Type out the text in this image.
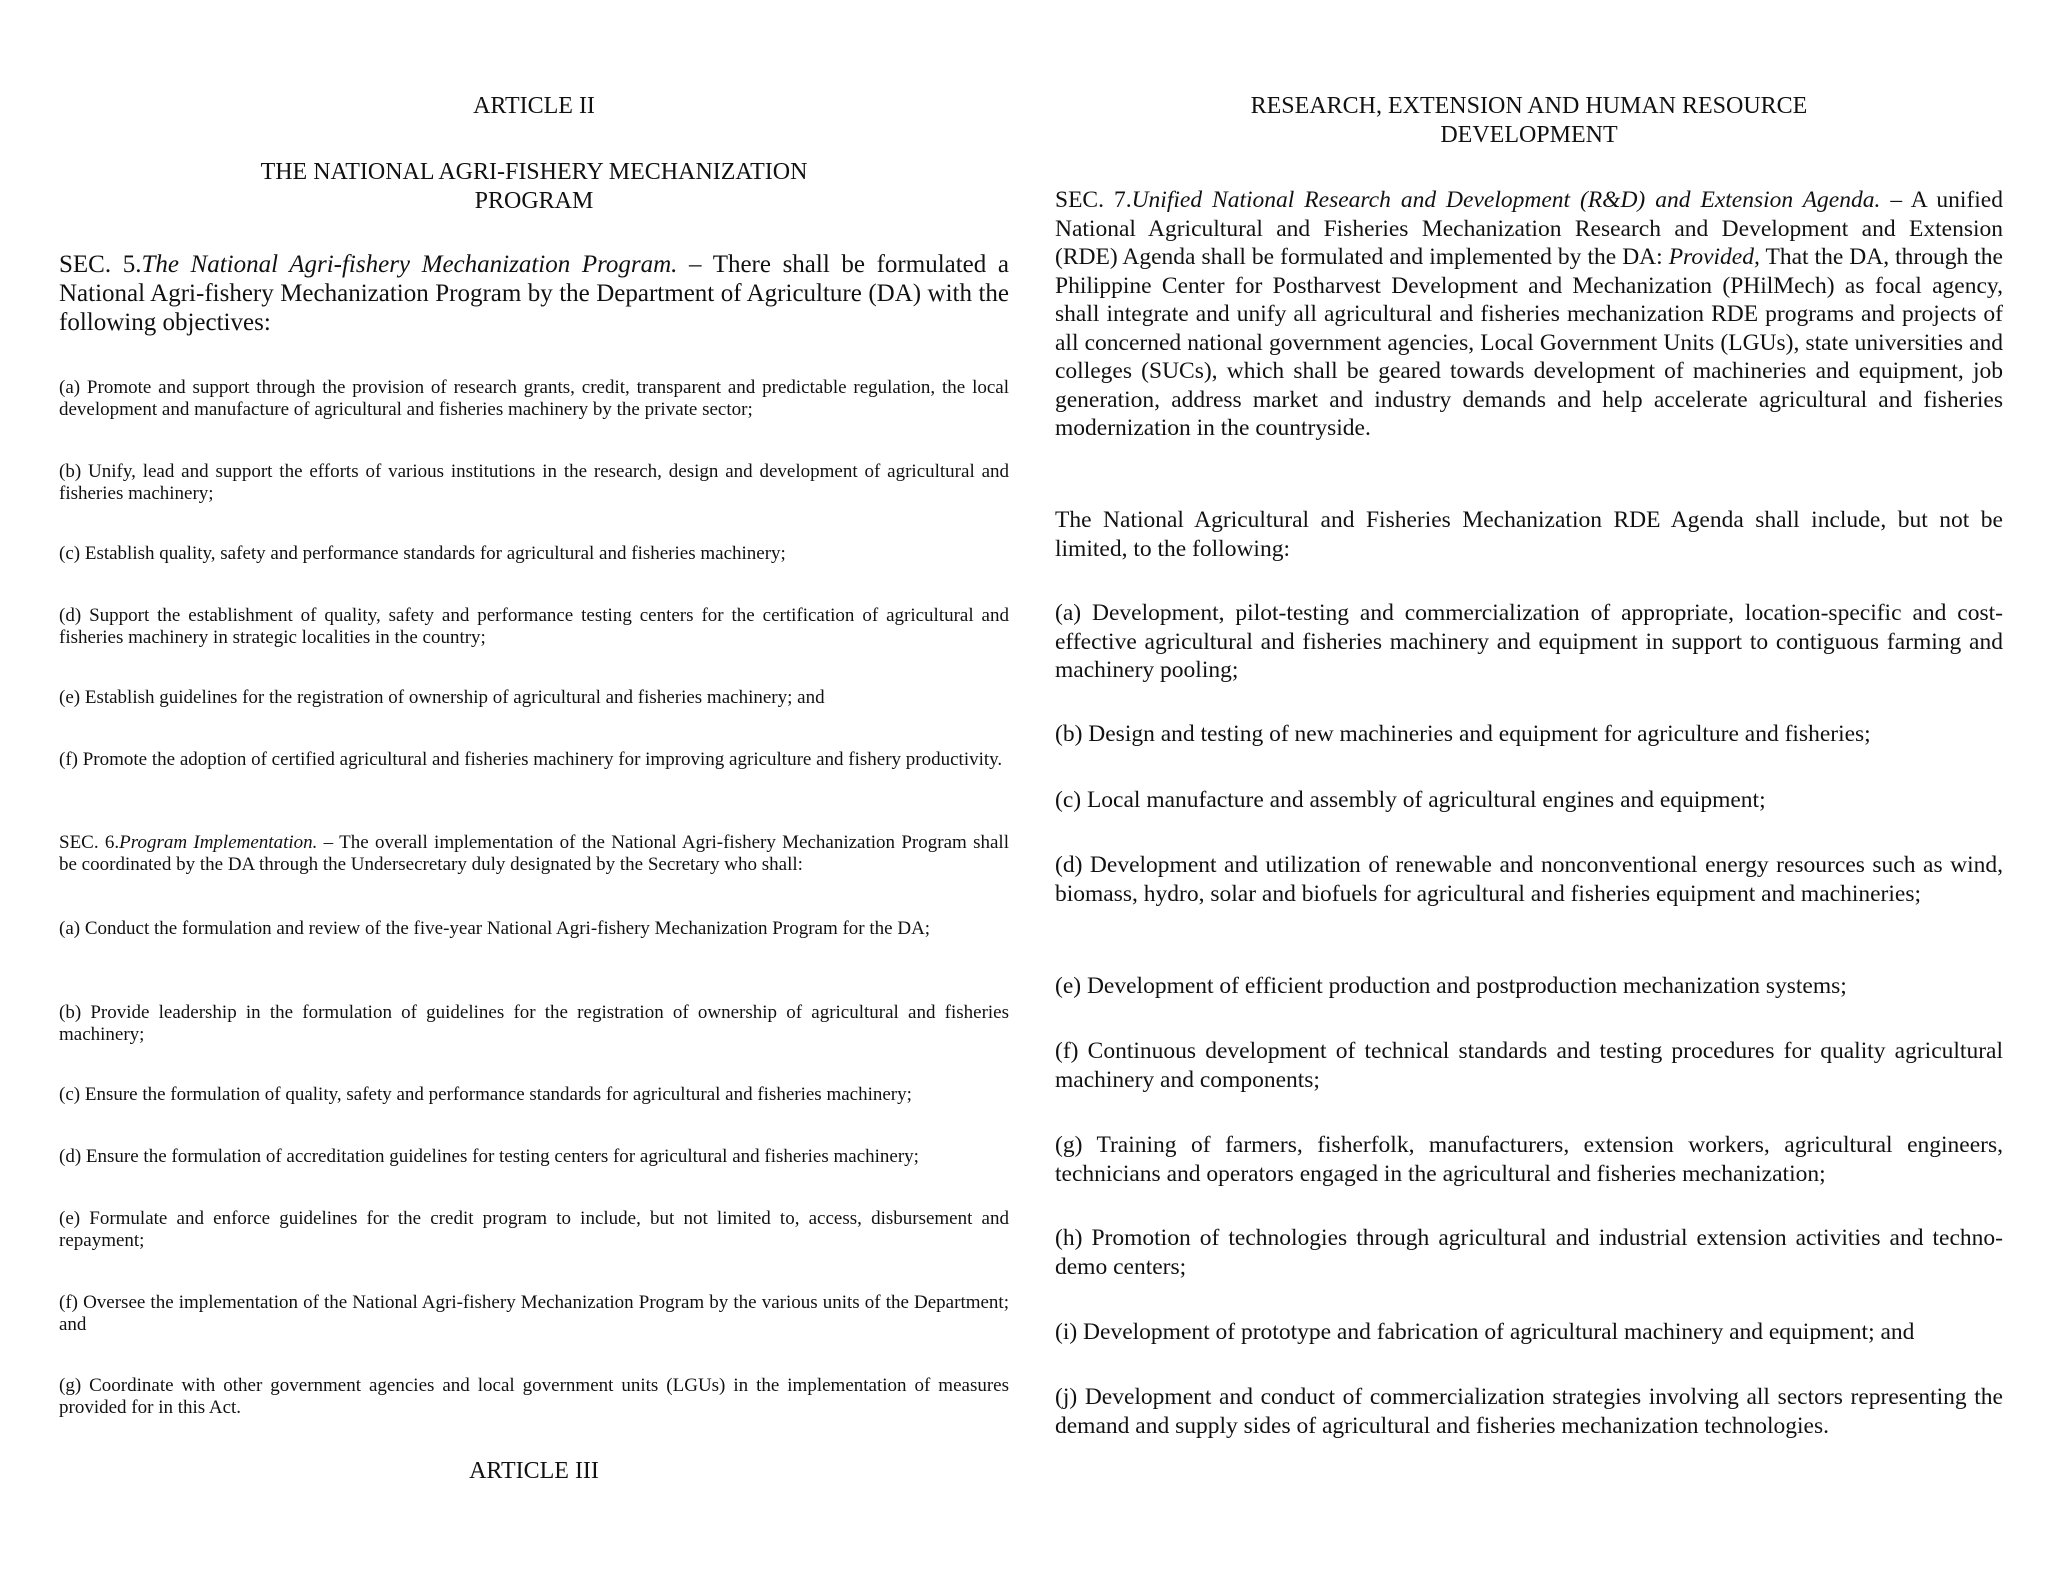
ARTICLE II

THE NATIONAL AGRI-FISHERY MECHANIZATION PROGRAM

SEC. 5.The National Agri-fishery Mechanization Program. – There shall be formulated a National Agri-fishery Mechanization Program by the Department of Agriculture (DA) with the following objectives:

(a) Promote and support through the provision of research grants, credit, transparent and predictable regulation, the local development and manufacture of agricultural and fisheries machinery by the private sector;

(b) Unify, lead and support the efforts of various institutions in the research, design and development of agricultural and fisheries machinery;

(c) Establish quality, safety and performance standards for agricultural and fisheries machinery;

(d) Support the establishment of quality, safety and performance testing centers for the certification of agricultural and fisheries machinery in strategic localities in the country;

(e) Establish guidelines for the registration of ownership of agricultural and fisheries machinery; and

(f) Promote the adoption of certified agricultural and fisheries machinery for improving agriculture and fishery productivity.

SEC. 6.Program Implementation. – The overall implementation of the National Agri-fishery Mechanization Program shall be coordinated by the DA through the Undersecretary duly designated by the Secretary who shall:

(a) Conduct the formulation and review of the five-year National Agri-fishery Mechanization Program for the DA;

(b) Provide leadership in the formulation of guidelines for the registration of ownership of agricultural and fisheries machinery;

(c) Ensure the formulation of quality, safety and performance standards for agricultural and fisheries machinery;

(d) Ensure the formulation of accreditation guidelines for testing centers for agricultural and fisheries machinery;

(e) Formulate and enforce guidelines for the credit program to include, but not limited to, access, disbursement and repayment;

(f) Oversee the implementation of the National Agri-fishery Mechanization Program by the various units of the Department; and

(g) Coordinate with other government agencies and local government units (LGUs) in the implementation of measures provided for in this Act.

ARTICLE III

RESEARCH, EXTENSION AND HUMAN RESOURCE DEVELOPMENT

SEC. 7.Unified National Research and Development (R&D) and Extension Agenda. – A unified National Agricultural and Fisheries Mechanization Research and Development and Extension (RDE) Agenda shall be formulated and implemented by the DA: Provided, That the DA, through the Philippine Center for Postharvest Development and Mechanization (PHilMech) as focal agency, shall integrate and unify all agricultural and fisheries mechanization RDE programs and projects of all concerned national government agencies, Local Government Units (LGUs), state universities and colleges (SUCs), which shall be geared towards development of machineries and equipment, job generation, address market and industry demands and help accelerate agricultural and fisheries modernization in the countryside.

The National Agricultural and Fisheries Mechanization RDE Agenda shall include, but not be limited, to the following:

(a) Development, pilot-testing and commercialization of appropriate, location-specific and cost-effective agricultural and fisheries machinery and equipment in support to contiguous farming and machinery pooling;

(b) Design and testing of new machineries and equipment for agriculture and fisheries;

(c) Local manufacture and assembly of agricultural engines and equipment;

(d) Development and utilization of renewable and nonconventional energy resources such as wind, biomass, hydro, solar and biofuels for agricultural and fisheries equipment and machineries;

(e) Development of efficient production and postproduction mechanization systems;

(f) Continuous development of technical standards and testing procedures for quality agricultural machinery and components;

(g) Training of farmers, fisherfolk, manufacturers, extension workers, agricultural engineers, technicians and operators engaged in the agricultural and fisheries mechanization;

(h) Promotion of technologies through agricultural and industrial extension activities and techno-demo centers;

(i) Development of prototype and fabrication of agricultural machinery and equipment; and

(j) Development and conduct of commercialization strategies involving all sectors representing the demand and supply sides of agricultural and fisheries mechanization technologies.
